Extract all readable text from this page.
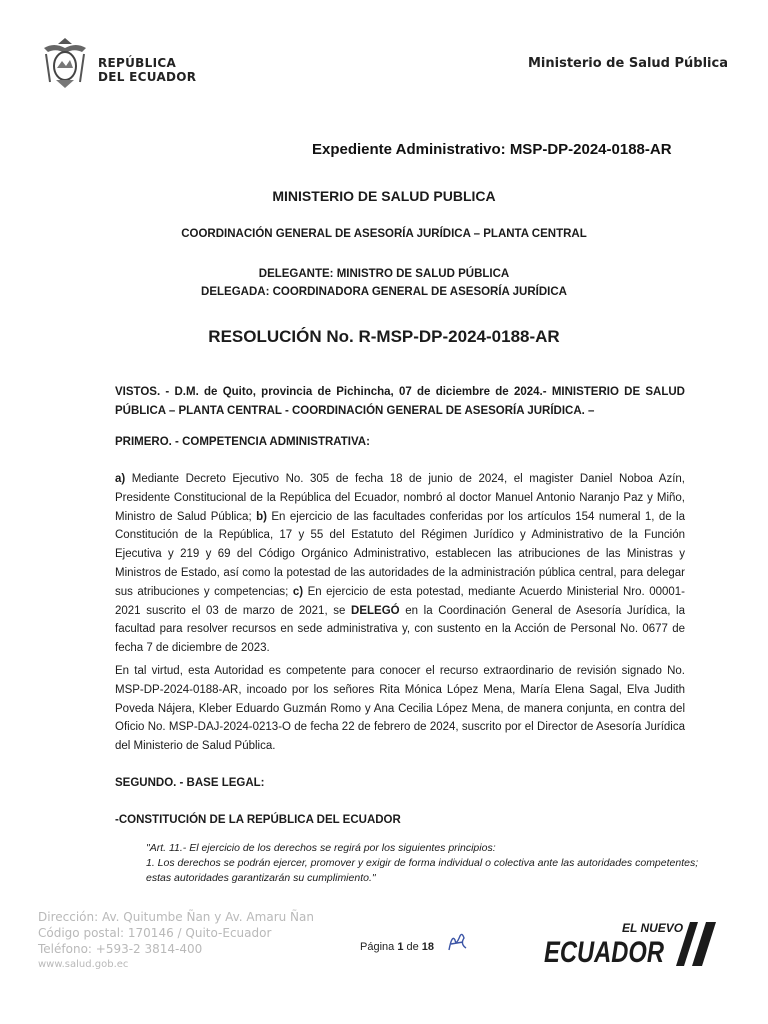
REPÚBLICA
DEL ECUADOR
Ministerio de Salud Pública
Expediente Administrativo: MSP-DP-2024-0188-AR
MINISTERIO DE SALUD PUBLICA
COORDINACIÓN GENERAL DE ASESORÍA JURÍDICA – PLANTA CENTRAL
DELEGANTE: MINISTRO DE SALUD PÚBLICA
DELEGADA: COORDINADORA GENERAL DE ASESORÍA JURÍDICA
RESOLUCIÓN No. R-MSP-DP-2024-0188-AR
VISTOS. - D.M. de Quito, provincia de Pichincha, 07 de diciembre de 2024.- MINISTERIO DE SALUD PÚBLICA – PLANTA CENTRAL - COORDINACIÓN GENERAL DE ASESORÍA JURÍDICA. –
PRIMERO. - COMPETENCIA ADMINISTRATIVA:
a) Mediante Decreto Ejecutivo No. 305 de fecha 18 de junio de 2024, el magister Daniel Noboa Azín, Presidente Constitucional de la República del Ecuador, nombró al doctor Manuel Antonio Naranjo Paz y Miño, Ministro de Salud Pública; b) En ejercicio de las facultades conferidas por los artículos 154 numeral 1, de la Constitución de la República, 17 y 55 del Estatuto del Régimen Jurídico y Administrativo de la Función Ejecutiva y 219 y 69 del Código Orgánico Administrativo, establecen las atribuciones de las Ministras y Ministros de Estado, así como la potestad de las autoridades de la administración pública central, para delegar sus atribuciones y competencias; c) En ejercicio de esta potestad, mediante Acuerdo Ministerial Nro. 00001-2021 suscrito el 03 de marzo de 2021, se DELEGÓ en la Coordinación General de Asesoría Jurídica, la facultad para resolver recursos en sede administrativa y, con sustento en la Acción de Personal No. 0677 de fecha 7 de diciembre de 2023.
En tal virtud, esta Autoridad es competente para conocer el recurso extraordinario de revisión signado No. MSP-DP-2024-0188-AR, incoado por los señores Rita Mónica López Mena, María Elena Sagal, Elva Judith Poveda Nájera, Kleber Eduardo Guzmán Romo y Ana Cecilia López Mena, de manera conjunta, en contra del Oficio No. MSP-DAJ-2024-0213-O de fecha 22 de febrero de 2024, suscrito por el Director de Asesoría Jurídica del Ministerio de Salud Pública.
SEGUNDO. - BASE LEGAL:
-CONSTITUCIÓN DE LA REPÚBLICA DEL ECUADOR
"Art. 11.- El ejercicio de los derechos se regirá por los siguientes principios:
1. Los derechos se podrán ejercer, promover y exigir de forma individual o colectiva ante las autoridades competentes; estas autoridades garantizarán su cumplimiento."
Dirección: Av. Quitumbe Ñan y Av. Amaru Ñan
Código postal: 170146 / Quito-Ecuador
Teléfono: +593-2 3814-400
www.salud.gob.ec
Página 1 de 18
EL NUEVO
ECUADOR
